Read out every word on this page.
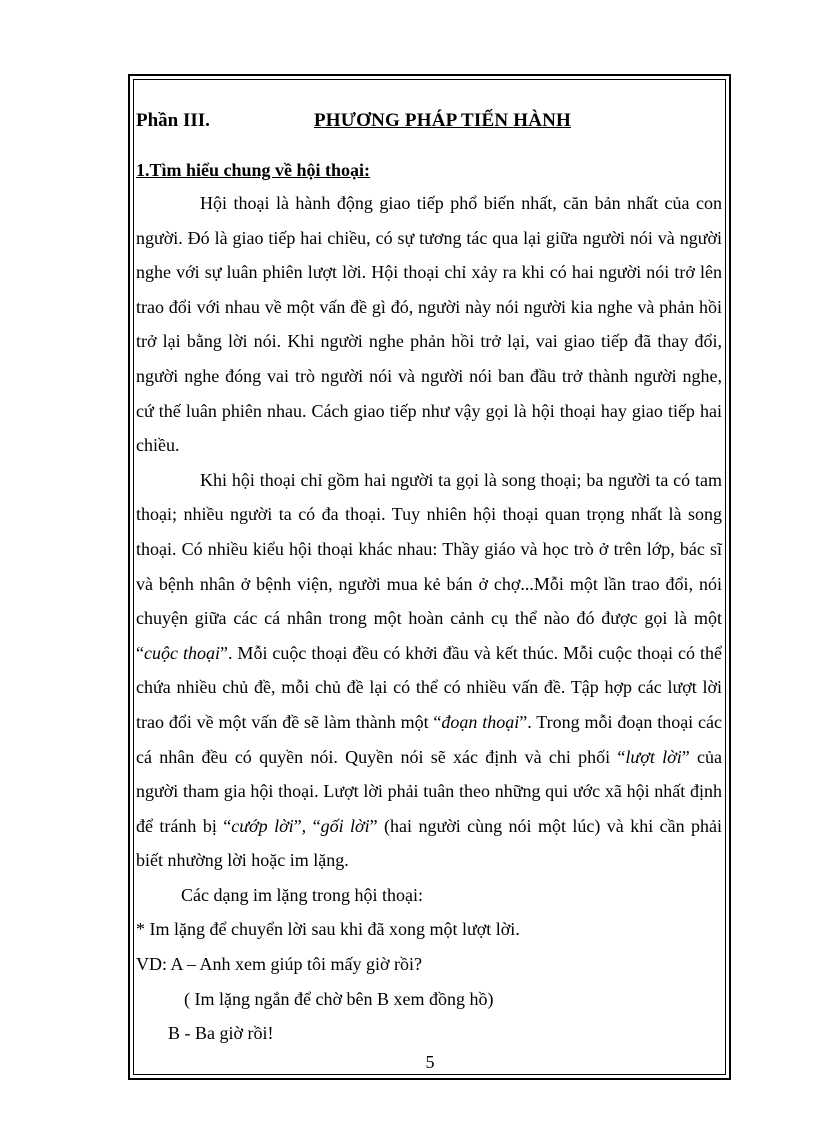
Phần III.	PHƯƠNG PHÁP TIẾN HÀNH

1.Tìm hiểu chung về hội thoại:

Hội thoại là hành động giao tiếp phổ biến nhất, căn bản nhất của con người. Đó là giao tiếp hai chiều, có sự tương tác qua lại giữa người nói và người nghe với sự luân phiên lượt lời. Hội thoại chỉ xảy ra khi có hai người nói trở lên trao đổi với nhau về một vấn đề gì đó, người này nói người kia nghe và phản hồi trở lại bằng lời nói. Khi người nghe phản hồi trở lại, vai giao tiếp đã thay đổi, người nghe đóng vai trò người nói và người nói ban đầu trở thành người nghe, cứ thế luân phiên nhau. Cách giao tiếp như vậy gọi là hội thoại hay giao tiếp hai chiều.

Khi hội thoại chỉ gồm hai người ta gọi là song thoại; ba người ta có tam thoại; nhiều người ta có đa thoại. Tuy nhiên hội thoại quan trọng nhất là song thoại. Có nhiều kiểu hội thoại khác nhau: Thầy giáo và học trò ở trên lớp, bác sĩ và bệnh nhân ở bệnh viện, người mua kẻ bán ở chợ...Mỗi một lần trao đổi, nói chuyện giữa các cá nhân trong một hoàn cảnh cụ thể nào đó được gọi là một “cuộc thoại”. Mỗi cuộc thoại đều có khởi đầu và kết thúc. Mỗi cuộc thoại có thể chứa nhiều chủ đề, mỗi chủ đề lại có thể có nhiều vấn đề. Tập hợp các lượt lời trao đổi về một vấn đề sẽ làm thành một “đoạn thoại”. Trong mỗi đoạn thoại các cá nhân đều có quyền nói. Quyền nói sẽ xác định và chi phối “lượt lời” của người tham gia hội thoại. Lượt lời phải tuân theo những qui ước xã hội nhất định để tránh bị “cướp lời”, “gối lời” (hai người cùng nói một lúc) và khi cần phải biết nhường lời hoặc im lặng.

Các dạng im lặng trong hội thoại:

* Im lặng để chuyển lời sau khi đã xong một lượt lời.

VD: A – Anh xem giúp tôi mấy giờ rồi?

( Im lặng ngắn để chờ bên B xem đồng hồ)

B - Ba giờ rồi!

5
